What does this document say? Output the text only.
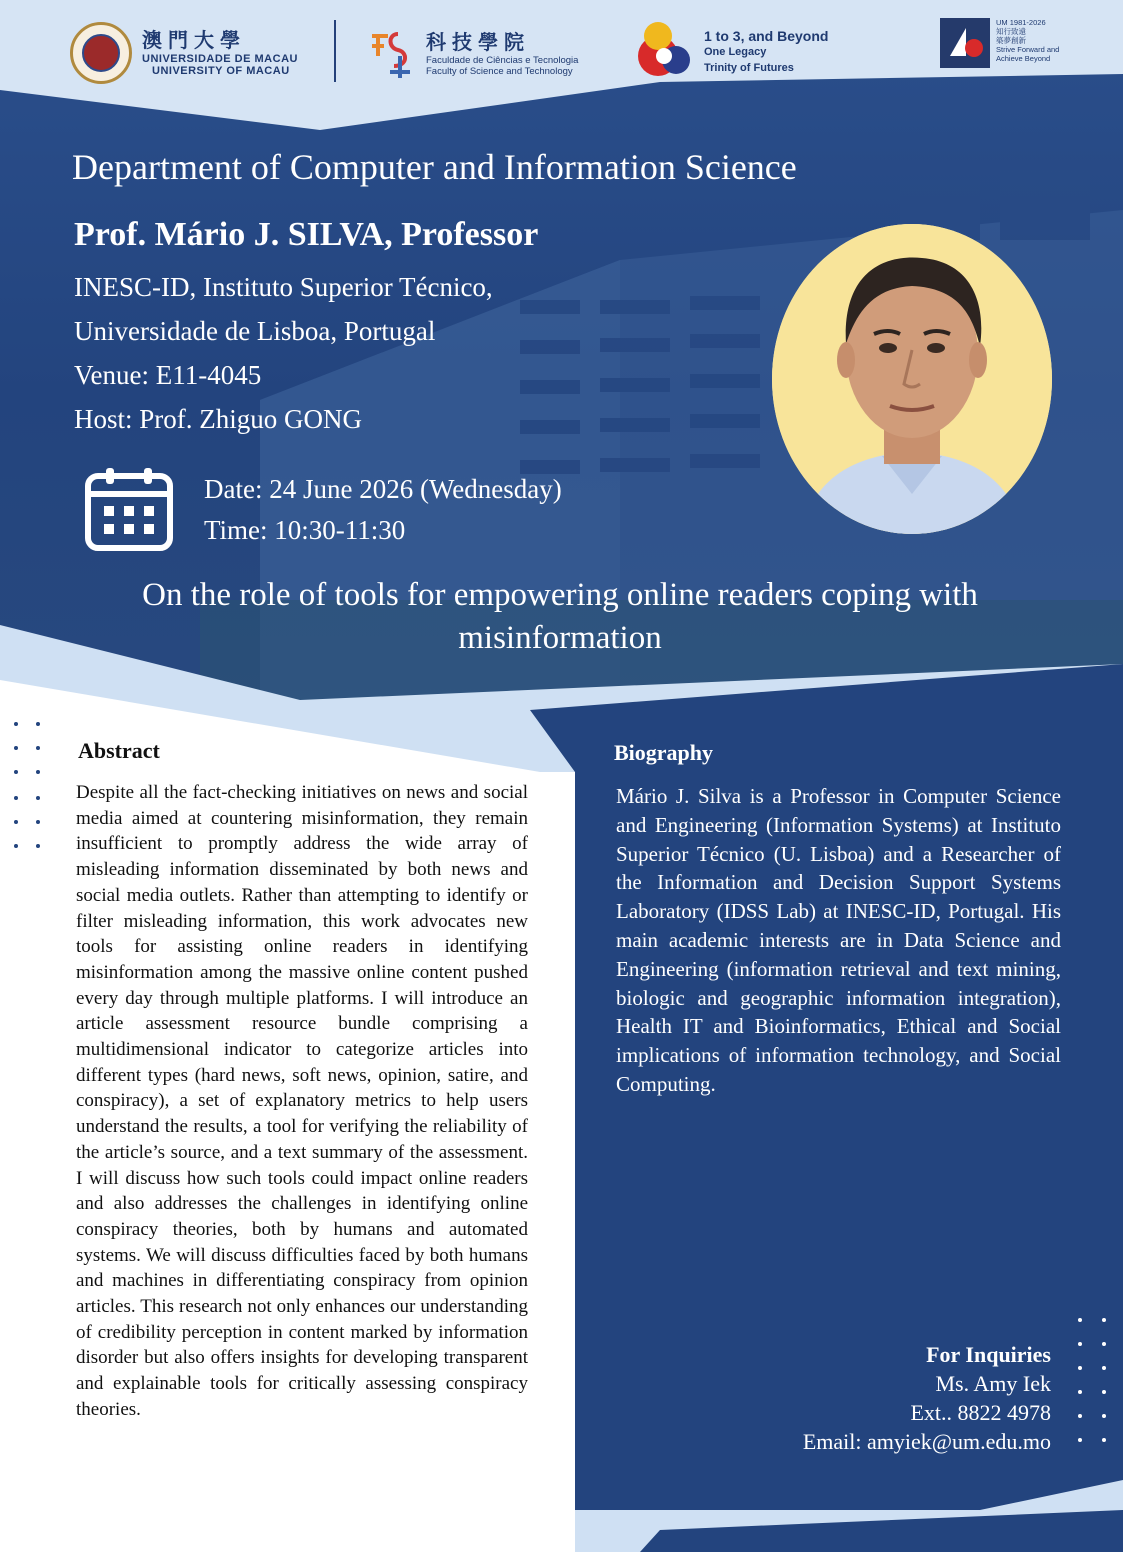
澳門大學
UNIVERSIDADE DE MACAU
UNIVERSITY OF MACAU
科技學院
Faculdade de Ciências e Tecnologia
Faculty of Science and Technology
1 to 3, and Beyond
One Legacy
Trinity of Futures
UM 1981-2026
知行致遠
築夢創新
Strive Forward and
Achieve Beyond
Department of Computer and Information Science
Prof. Mário J. SILVA, Professor
INESC-ID, Instituto Superior Técnico,
Universidade de Lisboa, Portugal
Venue: E11-4045
Host: Prof. Zhiguo GONG
Date: 24 June 2026 (Wednesday)
Time: 10:30-11:30
On the role of tools for empowering online readers coping with
misinformation
Abstract
Despite all the fact-checking initiatives on news and social media aimed at countering misinformation, they remain insufficient to promptly address the wide array of misleading information disseminated by both news and social media outlets. Rather than attempting to identify or filter misleading information, this work advocates new tools for assisting online readers in identifying misinformation among the massive online content pushed every day through multiple platforms. I will introduce an article assessment resource bundle comprising a multidimensional indicator to categorize articles into different types (hard news, soft news, opinion, satire, and conspiracy), a set of explanatory metrics to help users understand the results, a tool for verifying the reliability of the article’s source, and a text summary of the assessment. I will discuss how such tools could impact online readers and also addresses the challenges in identifying online conspiracy theories, both by humans and automated systems. We will discuss difficulties faced by both humans and machines in differentiating conspiracy from opinion articles. This research not only enhances our understanding of credibility perception in content marked by information disorder but also offers insights for developing transparent and explainable tools for critically assessing conspiracy theories.
Biography
Mário J. Silva is a Professor in Computer Science and Engineering (Information Systems) at Instituto Superior Técnico (U. Lisboa) and a Researcher of the Information and Decision Support Systems Laboratory (IDSS Lab) at INESC-ID, Portugal. His main academic interests are in Data Science and Engineering (information retrieval and text mining, biologic and geographic information integration), Health IT and Bioinformatics, Ethical and Social implications of information technology, and Social Computing.
For Inquiries
Ms. Amy Iek
Ext.. 8822 4978
Email: amyiek@um.edu.mo
